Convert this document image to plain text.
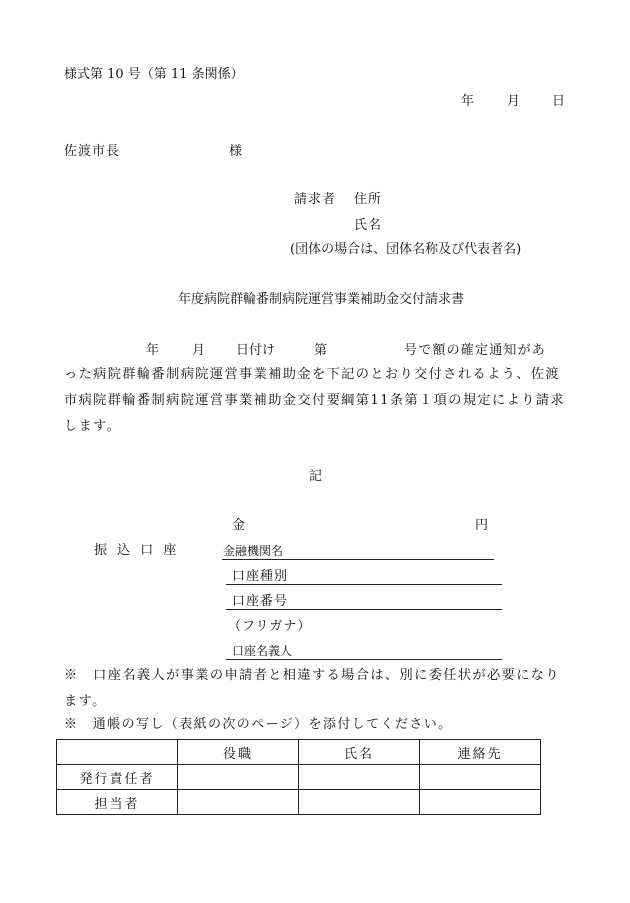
様式第 10 号（第 11 条関係）
年	月 日
佐渡市長	様
請求者 住所
氏名
(団体の場合は、団体名称及び代表者名)
年度病院群輪番制病院運営事業補助金交付請求書
年	月 日付け	第	号で額の確定通知があ
った病院群輪番制病院運営事業補助金を下記のとおり交付されるよう、佐渡市病院群輪番制病院運営事業補助金交付要綱第11条第１項の規定により請求します。
記
金	円
振 込 口 座	金融機関名
口座種別
口座番号
（フリガナ）
口座名義人
※　口座名義人が事業の申請者と相違する場合は、別に委任状が必要になります。
※　通帳の写し（表紙の次のページ）を添付してください。
	役職	氏名	連絡先
発行責任者			
担当者			
